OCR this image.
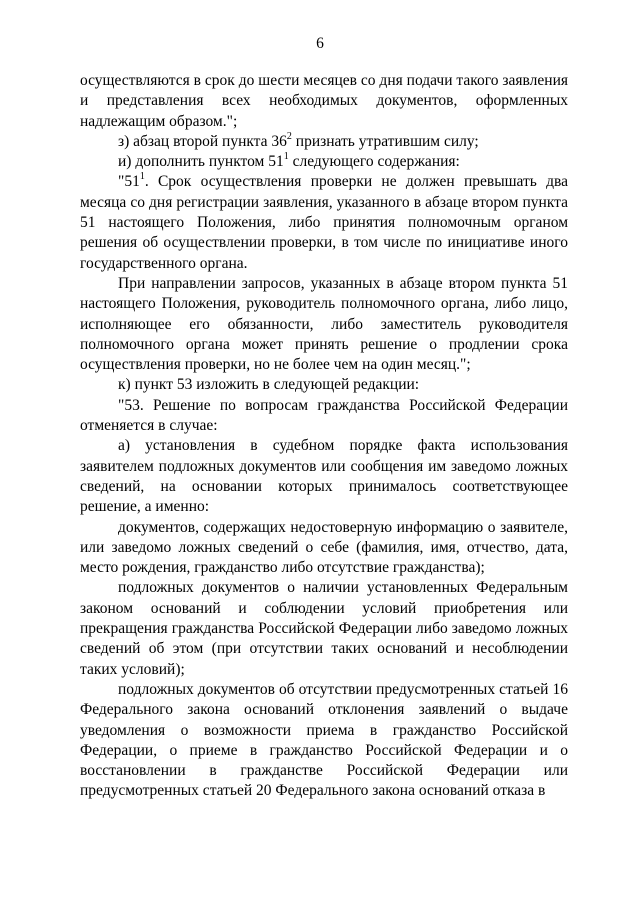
6

осуществляются в срок до шести месяцев со дня подачи такого заявления и представления всех необходимых документов, оформленных надлежащим образом.";

з) абзац второй пункта $36^2$ признать утратившим силу;

и) дополнить пунктом $51^1$ следующего содержания:

"$51^1$. Срок осуществления проверки не должен превышать два месяца со дня регистрации заявления, указанного в абзаце втором пункта 51 настоящего Положения, либо принятия полномочным органом решения об осуществлении проверки, в том числе по инициативе иного государственного органа.

При направлении запросов, указанных в абзаце втором пункта 51 настоящего Положения, руководитель полномочного органа, либо лицо, исполняющее его обязанности, либо заместитель руководителя полномочного органа может принять решение о продлении срока осуществления проверки, но не более чем на один месяц.";

к) пункт 53 изложить в следующей редакции:

"53. Решение по вопросам гражданства Российской Федерации отменяется в случае:

а) установления в судебном порядке факта использования заявителем подложных документов или сообщения им заведомо ложных сведений, на основании которых принималось соответствующее решение, а именно:

документов, содержащих недостоверную информацию о заявителе, или заведомо ложных сведений о себе (фамилия, имя, отчество, дата, место рождения, гражданство либо отсутствие гражданства);

подложных документов о наличии установленных Федеральным законом оснований и соблюдении условий приобретения или прекращения гражданства Российской Федерации либо заведомо ложных сведений об этом (при отсутствии таких оснований и несоблюдении таких условий);

подложных документов об отсутствии предусмотренных статьей 16 Федерального закона оснований отклонения заявлений о выдаче уведомления о возможности приема в гражданство Российской Федерации, о приеме в гражданство Российской Федерации и о восстановлении в гражданстве Российской Федерации или предусмотренных статьей 20 Федерального закона оснований отказа в
